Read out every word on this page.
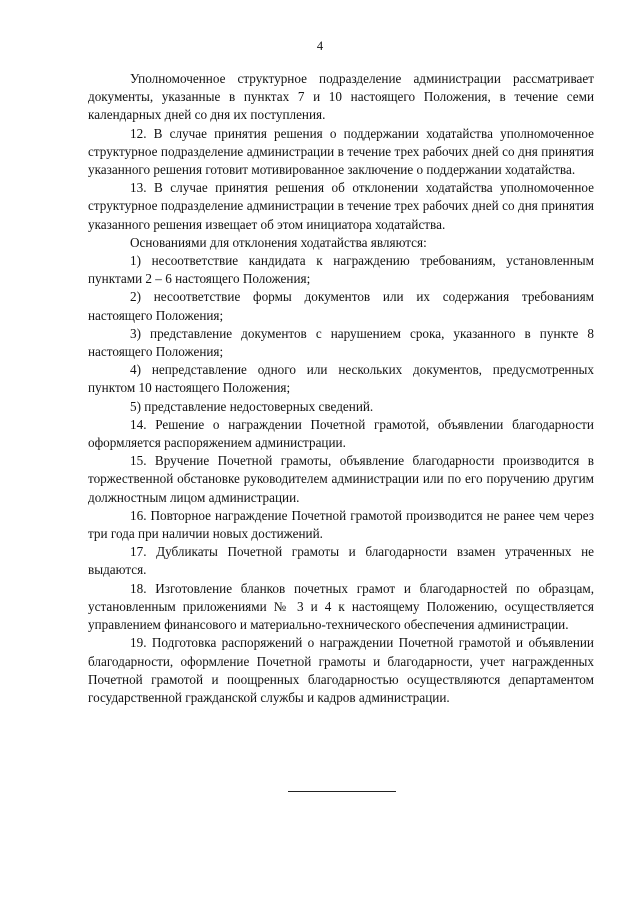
4

Уполномоченное структурное подразделение администрации рассматривает документы, указанные в пунктах 7 и 10 настоящего Положения, в течение семи календарных дней со дня их поступления.

12. В случае принятия решения о поддержании ходатайства уполномоченное структурное подразделение администрации в течение трех рабочих дней со дня принятия указанного решения готовит мотивированное заключение о поддержании ходатайства.

13. В случае принятия решения об отклонении ходатайства уполномоченное структурное подразделение администрации в течение трех рабочих дней со дня принятия указанного решения извещает об этом инициатора ходатайства.

Основаниями для отклонения ходатайства являются:

1) несоответствие кандидата к награждению требованиям, установленным пунктами 2 – 6 настоящего Положения;

2) несоответствие формы документов или их содержания требованиям настоящего Положения;

3) представление документов с нарушением срока, указанного в пункте 8 настоящего Положения;

4) непредставление одного или нескольких документов, предусмотренных пунктом 10 настоящего Положения;

5) представление недостоверных сведений.

14. Решение о награждении Почетной грамотой, объявлении благодарности оформляется распоряжением администрации.

15. Вручение Почетной грамоты, объявление благодарности производится в торжественной обстановке руководителем администрации или по его поручению другим должностным лицом администрации.

16. Повторное награждение Почетной грамотой производится не ранее чем через три года при наличии новых достижений.

17. Дубликаты Почетной грамоты и благодарности взамен утраченных не выдаются.

18. Изготовление бланков почетных грамот и благодарностей по образцам, установленным приложениями № 3 и 4 к настоящему Положению, осуществляется управлением финансового и материально-технического обеспечения администрации.

19. Подготовка распоряжений о награждении Почетной грамотой и объявлении благодарности, оформление Почетной грамоты и благодарности, учет награжденных Почетной грамотой и поощренных благодарностью осуществляются департаментом государственной гражданской службы и кадров администрации.
